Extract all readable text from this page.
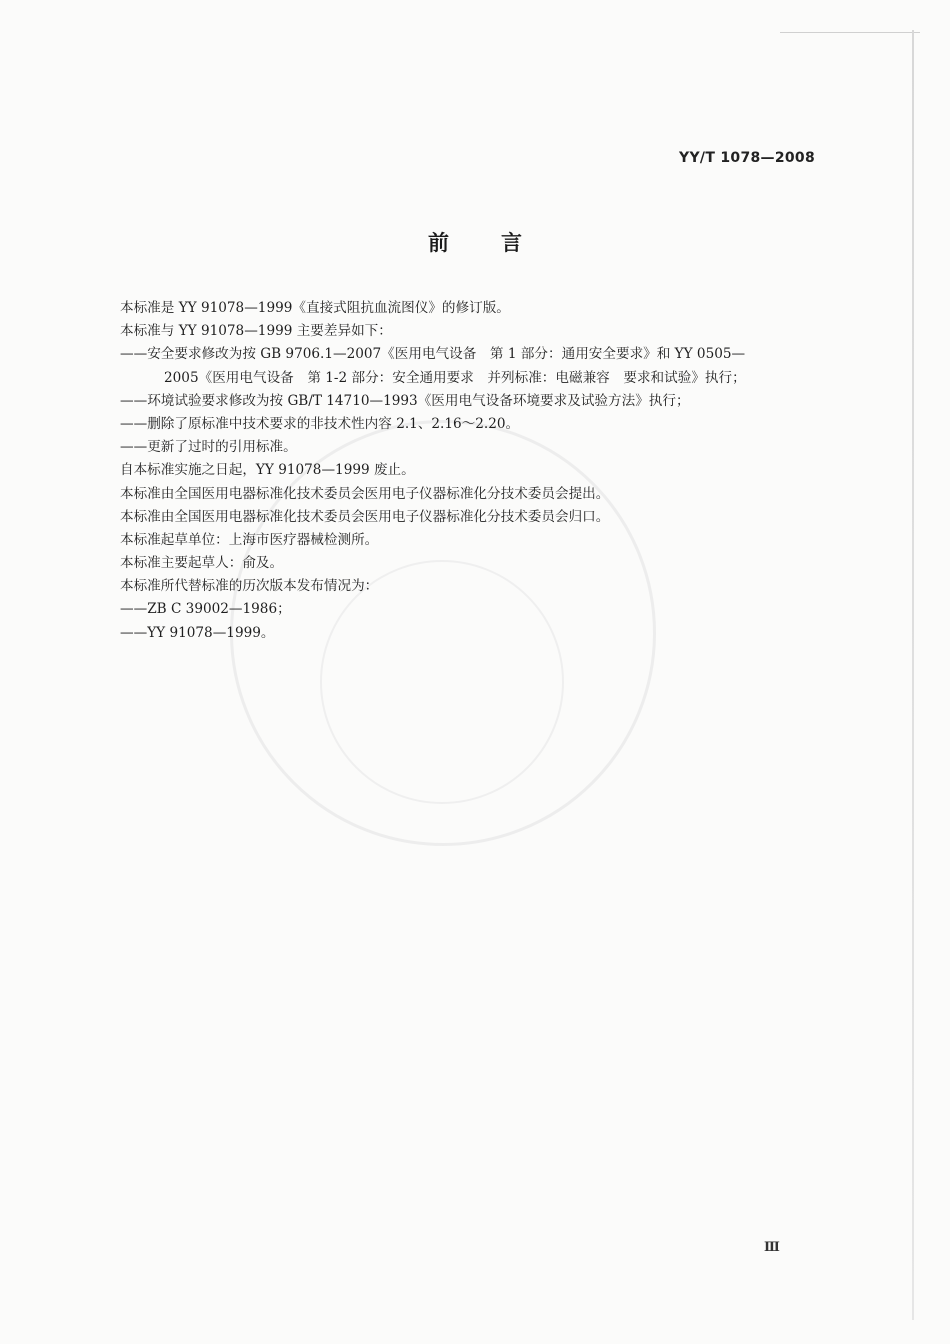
YY/T 1078—2008
前言
本标准是 YY 91078—1999《直接式阻抗血流图仪》的修订版。
本标准与 YY 91078—1999 主要差异如下：
——安全要求修改为按 GB 9706.1—2007《医用电气设备　第 1 部分：通用安全要求》和 YY 0505—
2005《医用电气设备　第 1-2 部分：安全通用要求　并列标准：电磁兼容　要求和试验》执行；
——环境试验要求修改为按 GB/T 14710—1993《医用电气设备环境要求及试验方法》执行；
——删除了原标准中技术要求的非技术性内容 2.1、2.16～2.20。
——更新了过时的引用标准。
自本标准实施之日起，YY 91078—1999 废止。
本标准由全国医用电器标准化技术委员会医用电子仪器标准化分技术委员会提出。
本标准由全国医用电器标准化技术委员会医用电子仪器标准化分技术委员会归口。
本标准起草单位：上海市医疗器械检测所。
本标准主要起草人：俞及。
本标准所代替标准的历次版本发布情况为：
——ZB C 39002—1986；
——YY 91078—1999。
Ⅲ
